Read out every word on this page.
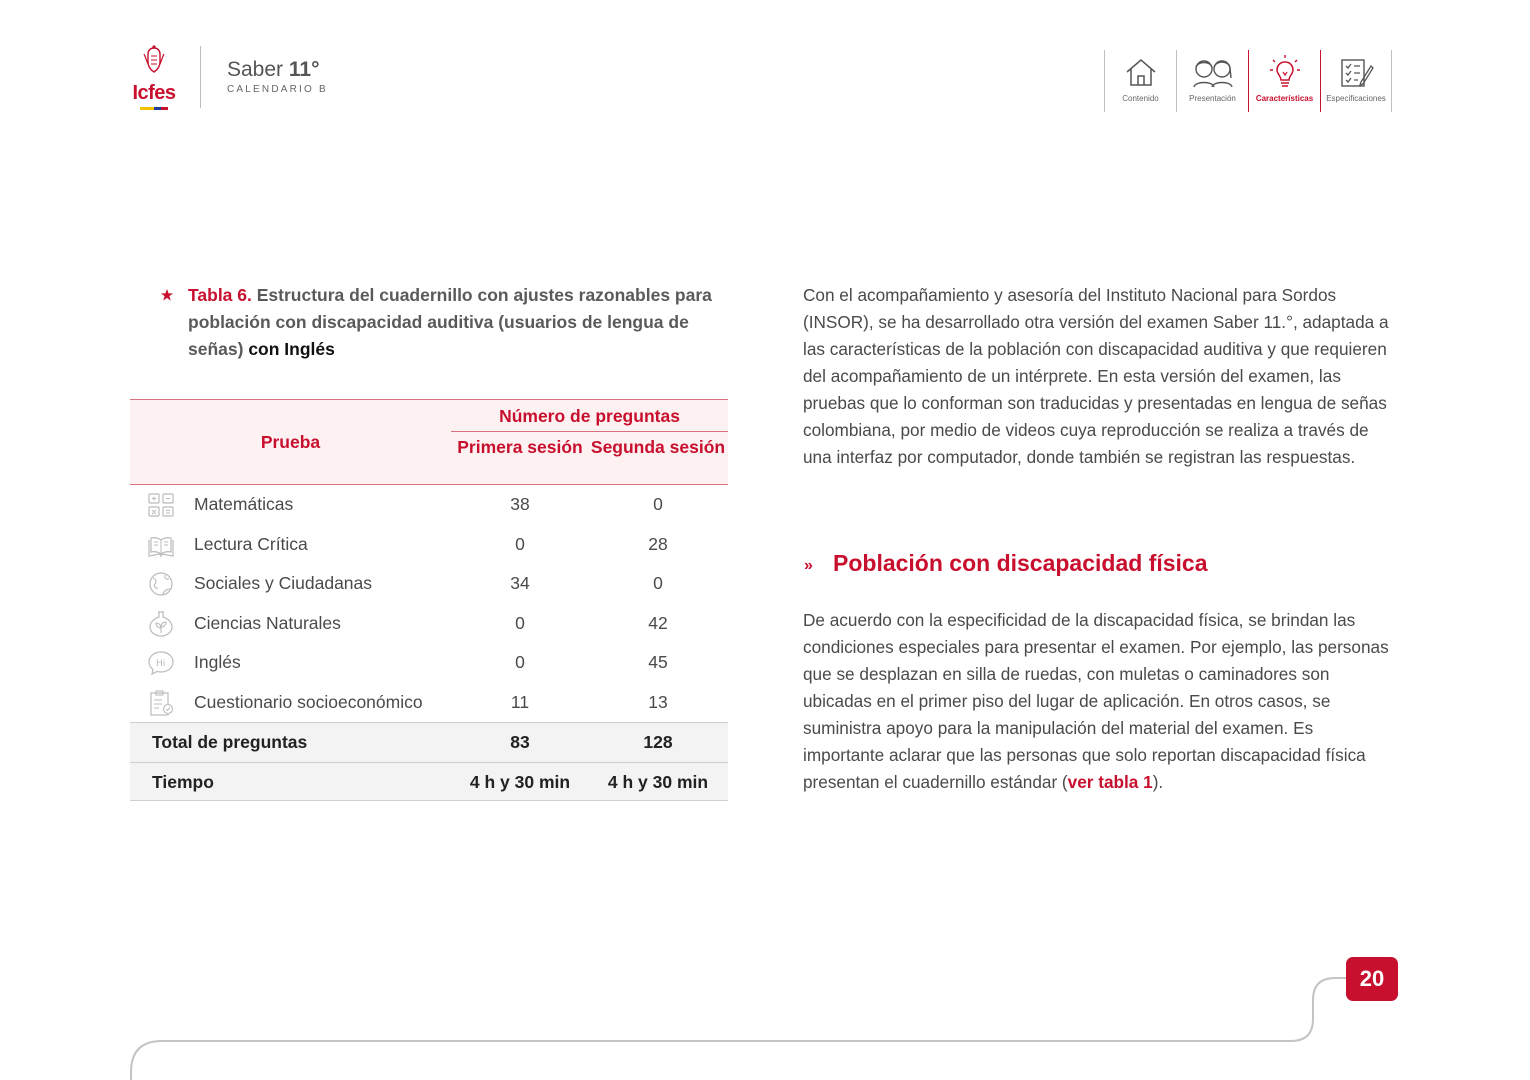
Icfes
Saber 11°
CALENDARIO B
Contenido	Presentación	Características	Especificaciones
Tabla 6. Estructura del cuadernillo con ajustes razonables para población con discapacidad auditiva (usuarios de lengua de señas) con Inglés
Prueba
Número de preguntas
Primera sesión Segunda sesión
Matemáticas	38	0
Lectura Crítica	0	28
Sociales y Ciudadanas	34	0
Ciencias Naturales	0	42
Hi Inglés	0	45
Cuestionario socioeconómico	11	13
Total de preguntas	83	128
Tiempo	4 h y 30 min	4 h y 30 min

Con el acompañamiento y asesoría del Instituto Nacional para Sordos (INSOR), se ha desarrollado otra versión del examen Saber 11.°, adaptada a las características de la población con discapacidad auditiva y que requieren del acompañamiento de un intérprete. En esta versión del examen, las pruebas que lo conforman son traducidas y presentadas en lengua de señas colombiana, por medio de videos cuya reproducción se realiza a través de una interfaz por computador, donde también se registran las respuestas.

» Población con discapacidad física

De acuerdo con la especificidad de la discapacidad física, se brindan las condiciones especiales para presentar el examen. Por ejemplo, las personas que se desplazan en silla de ruedas, con muletas o caminadores son ubicadas en el primer piso del lugar de aplicación. En otros casos, se suministra apoyo para la manipulación del material del examen. Es importante aclarar que las personas que solo reportan discapacidad física presentan el cuadernillo estándar (ver tabla 1).

20
